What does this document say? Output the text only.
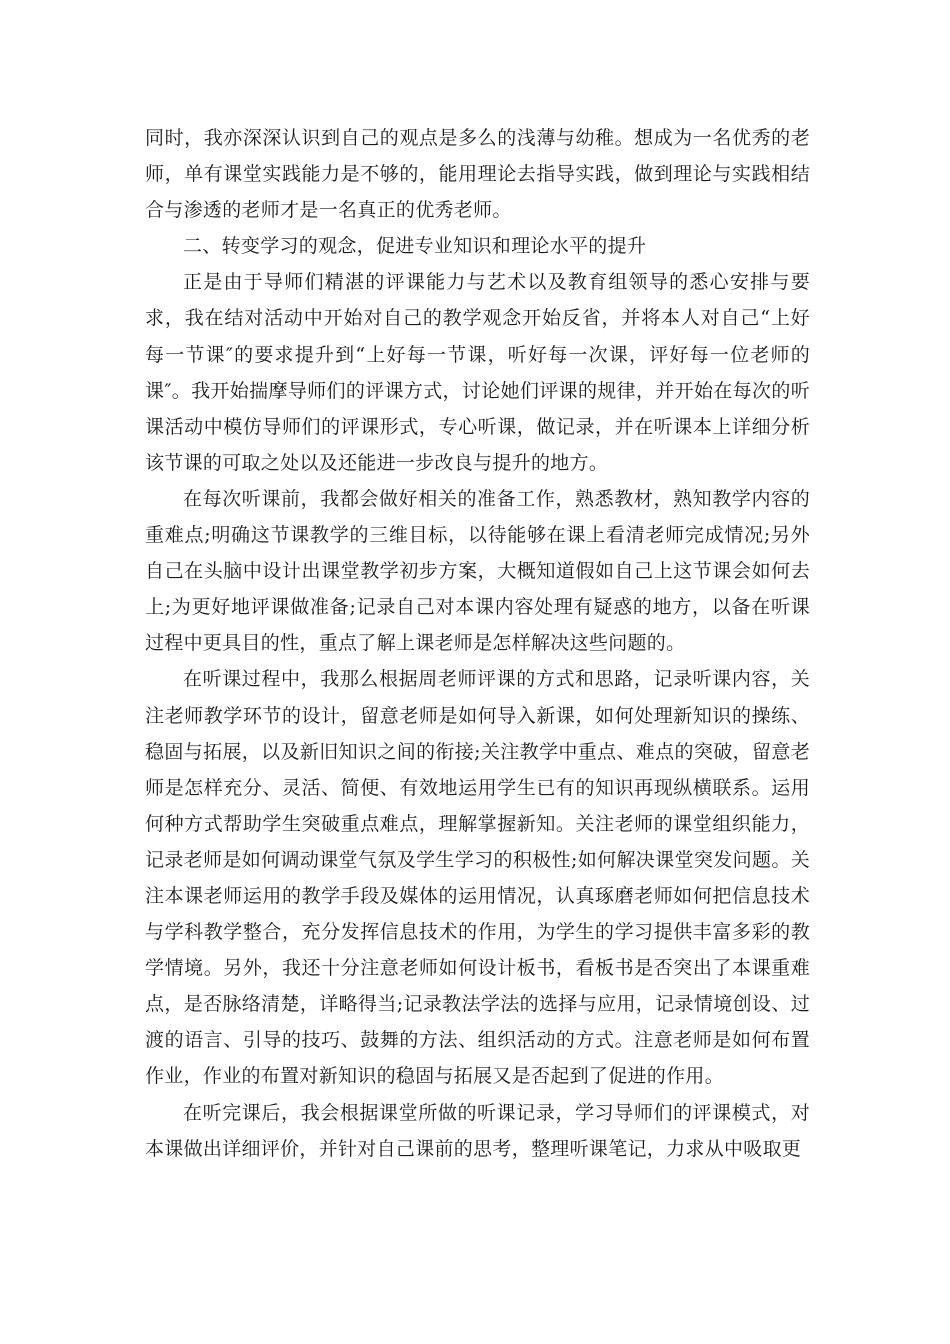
同时，我亦深深认识到自己的观点是多么的浅薄与幼稚。想成为一名优秀的老师，单有课堂实践能力是不够的，能用理论去指导实践，做到理论与实践相结合与渗透的老师才是一名真正的优秀老师。

二、转变学习的观念，促进专业知识和理论水平的提升

正是由于导师们精湛的评课能力与艺术以及教育组领导的悉心安排与要求，我在结对活动中开始对自己的教学观念开始反省，并将本人对自己“上好每一节课″的要求提升到“上好每一节课，听好每一次课，评好每一位老师的课″。我开始揣摩导师们的评课方式，讨论她们评课的规律，并开始在每次的听课活动中模仿导师们的评课形式，专心听课，做记录，并在听课本上详细分析该节课的可取之处以及还能进一步改良与提升的地方。

在每次听课前，我都会做好相关的准备工作，熟悉教材，熟知教学内容的重难点;明确这节课教学的三维目标，以待能够在课上看清老师完成情况;另外自己在头脑中设计出课堂教学初步方案，大概知道假如自己上这节课会如何去上;为更好地评课做准备;记录自己对本课内容处理有疑惑的地方，以备在听课过程中更具目的性，重点了解上课老师是怎样解决这些问题的。

在听课过程中，我那么根据周老师评课的方式和思路，记录听课内容，关注老师教学环节的设计，留意老师是如何导入新课，如何处理新知识的操练、稳固与拓展，以及新旧知识之间的衔接;关注教学中重点、难点的突破，留意老师是怎样充分、灵活、简便、有效地运用学生已有的知识再现纵横联系。运用何种方式帮助学生突破重点难点，理解掌握新知。关注老师的课堂组织能力，记录老师是如何调动课堂气氛及学生学习的积极性;如何解决课堂突发问题。关注本课老师运用的教学手段及媒体的运用情况，认真琢磨老师如何把信息技术与学科教学整合，充分发挥信息技术的作用，为学生的学习提供丰富多彩的教学情境。另外，我还十分注意老师如何设计板书，看板书是否突出了本课重难点，是否脉络清楚，详略得当;记录教法学法的选择与应用，记录情境创设、过渡的语言、引导的技巧、鼓舞的方法、组织活动的方式。注意老师是如何布置作业，作业的布置对新知识的稳固与拓展又是否起到了促进的作用。

在听完课后，我会根据课堂所做的听课记录，学习导师们的评课模式，对本课做出详细评价，并针对自己课前的思考，整理听课笔记，力求从中吸取更
